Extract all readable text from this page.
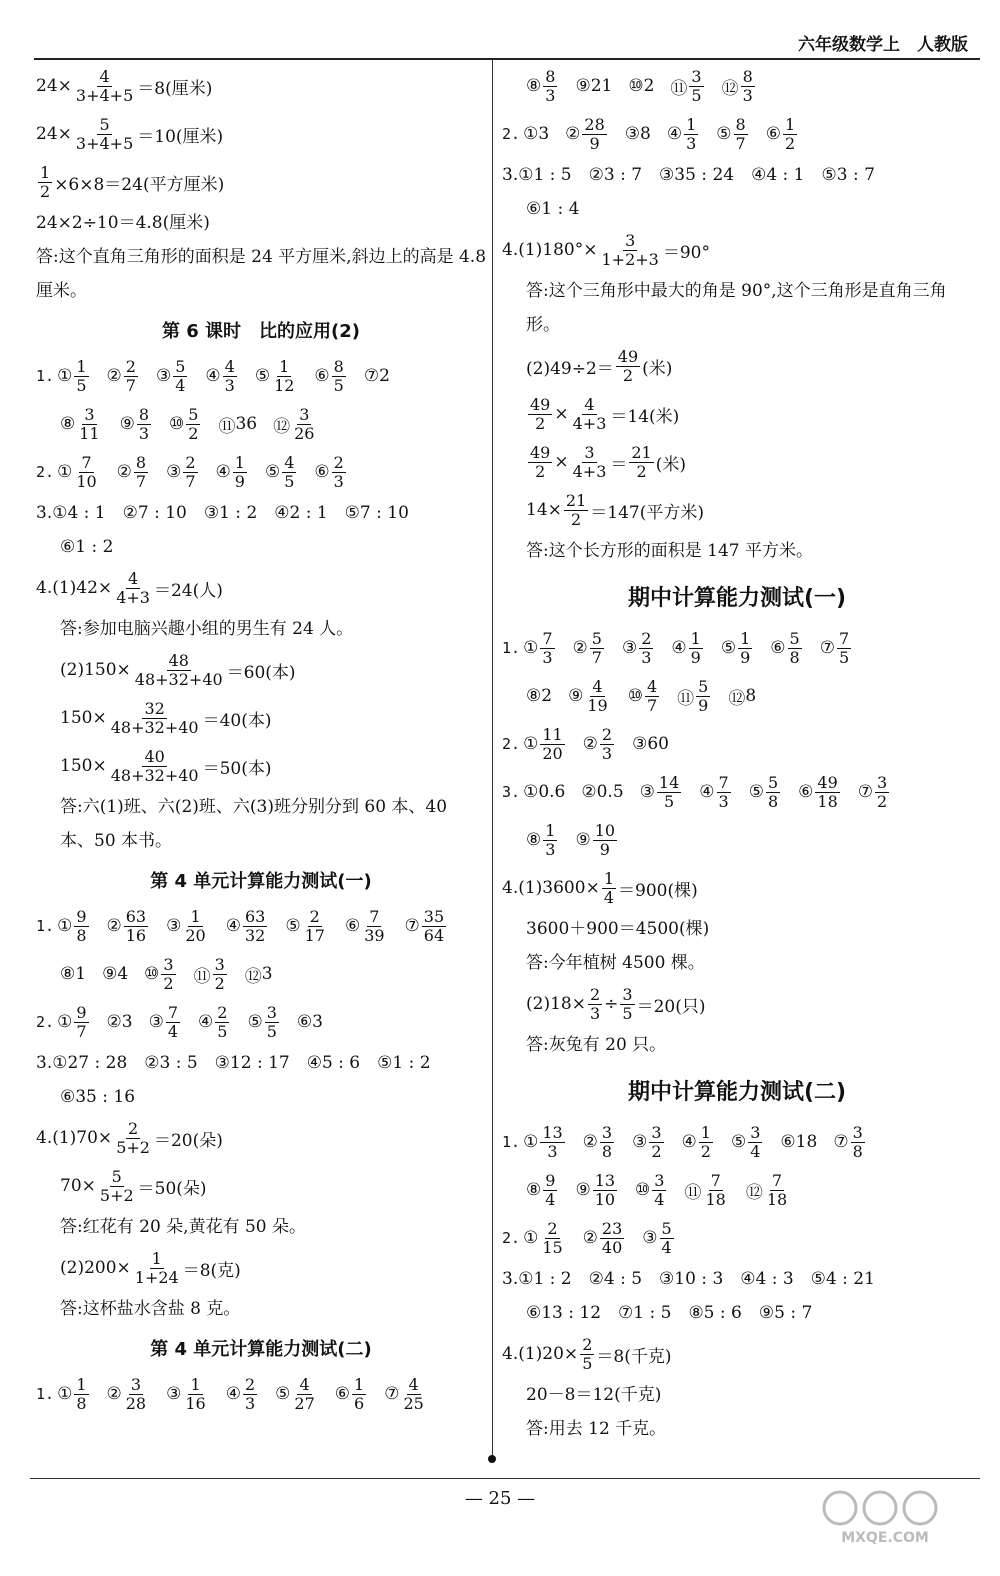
六年级数学上　人教版
$24\times \frac{4}{3+4+5} =8$(厘米)
$24\times \frac{5}{3+4+5} =10$(厘米)
$\frac{1}{2} \times 6\times 8=24$(平方厘米)
24×2÷10＝4.8(厘米)
答:这个直角三角形的面积是 24 平方厘米,斜边上的高是 4.8 厘米。
第 6 课时　比的应用(2)
1. ① $\frac{1}{5}$ ② $\frac{2}{7}$ ③ $\frac{5}{4}$ ④ $\frac{4}{3}$ ⑤ $\frac{1}{12}$ ⑥ $\frac{8}{5}$ ⑦ 2
⑧ $\frac{3}{11}$ ⑨ $\frac{8}{3}$ ⑩ $\frac{5}{2}$ ⑪ 36 ⑫ $\frac{3}{26}$
2. ① $\frac{7}{10}$ ② $\frac{8}{7}$ ③ $\frac{2}{7}$ ④ $\frac{1}{9}$ ⑤ $\frac{4}{5}$ ⑥ $\frac{2}{3}$
3.①4 : 1　②7 : 10　③1 : 2　④2 : 1　⑤7 : 10
⑥1 : 2
$4.(1)42\times \frac{4}{4+3} =24$(人)
答:参加电脑兴趣小组的男生有 24 人。
$(2)150\times \frac{48}{48+32+40} =60$(本)
$150\times \frac{32}{48+32+40} =40$(本)
$150\times \frac{40}{48+32+40} =50$(本)
答:六(1)班、六(2)班、六(3)班分别分到 60 本、40 本、50 本书。
第 4 单元计算能力测试(一)
1. ① $\frac{9}{8}$ ② $\frac{63}{16}$ ③ $\frac{1}{20}$ ④ $\frac{63}{32}$ ⑤ $\frac{2}{17}$ ⑥ $\frac{7}{39}$ ⑦ $\frac{35}{64}$
⑧ 1 ⑨ 4 ⑩ $\frac{3}{2}$ ⑪ $\frac{3}{2}$ ⑫ 3
2. ① $\frac{9}{7}$ ② 3 ③ $\frac{7}{4}$ ④ $\frac{2}{5}$ ⑤ $\frac{3}{5}$ ⑥ 3
3.①27 : 28　②3 : 5　③12 : 17　④5 : 6　⑤1 : 2
⑥35 : 16
$4.(1)70\times \frac{2}{5+2} =20$(朵)
$70\times \frac{5}{5+2} =50$(朵)
答:红花有 20 朵,黄花有 50 朵。
$(2)200\times \frac{1}{1+24} =8$(克)
答:这杯盐水含盐 8 克。
第 4 单元计算能力测试(二)
1. ① $\frac{1}{8}$ ② $\frac{3}{28}$ ③ $\frac{1}{16}$ ④ $\frac{2}{3}$ ⑤ $\frac{4}{27}$ ⑥ $\frac{1}{6}$ ⑦ $\frac{4}{25}$
⑧ $\frac{8}{3}$ ⑨ 21 ⑩ 2 ⑪ $\frac{3}{5}$ ⑫ $\frac{8}{3}$
2. ① 3 ② $\frac{28}{9}$ ③ 8 ④ $\frac{1}{3}$ ⑤ $\frac{8}{7}$ ⑥ $\frac{1}{2}$
3.①1 : 5　②3 : 7　③35 : 24　④4 : 1　⑤3 : 7
⑥1 : 4
$4.(1)180^\circ\times \frac{3}{1+2+3} =90^\circ$
答:这个三角形中最大的角是 90°,这个三角形是直角三角形。
$(2)49\div 2= \frac{49}{2}$ (米)
$\frac{49}{2} \times \frac{4}{4+3} =14$(米)
$\frac{49}{2} \times \frac{3}{4+3} = \frac{21}{2}$ (米)
$14\times \frac{21}{2} =147$(平方米)
答:这个长方形的面积是 147 平方米。
期中计算能力测试(一)
1. ① $\frac{7}{3}$ ② $\frac{5}{7}$ ③ $\frac{2}{3}$ ④ $\frac{1}{9}$ ⑤ $\frac{1}{9}$ ⑥ $\frac{5}{8}$ ⑦ $\frac{7}{5}$
⑧ 2 ⑨ $\frac{4}{19}$ ⑩ $\frac{4}{7}$ ⑪ $\frac{5}{9}$ ⑫ 8
2. ① $\frac{11}{20}$ ② $\frac{2}{3}$ ③ 60
3. ① 0.6 ② 0.5 ③ $\frac{14}{5}$ ④ $\frac{7}{3}$ ⑤ $\frac{5}{8}$ ⑥ $\frac{49}{18}$ ⑦ $\frac{3}{2}$
⑧ $\frac{1}{3}$ ⑨ $\frac{10}{9}$
$4.(1)3600\times \frac{1}{4} =900$(棵)
3600＋900＝4500(棵)
答:今年植树 4500 棵。
$(2)18\times \frac{2}{3} \div \frac{3}{5} =20$(只)
答:灰兔有 20 只。
期中计算能力测试(二)
1. ① $\frac{13}{3}$ ② $\frac{3}{8}$ ③ $\frac{3}{2}$ ④ $\frac{1}{2}$ ⑤ $\frac{3}{4}$ ⑥ 18 ⑦ $\frac{3}{8}$
⑧ $\frac{9}{4}$ ⑨ $\frac{13}{10}$ ⑩ $\frac{3}{4}$ ⑪ $\frac{7}{18}$ ⑫ $\frac{7}{18}$
2. ① $\frac{2}{15}$ ② $\frac{23}{40}$ ③ $\frac{5}{4}$
3.①1 : 2　②4 : 5　③10 : 3　④4 : 3　⑤4 : 21
⑥13 : 12　⑦1 : 5　⑧5 : 6　⑨5 : 7
$4.(1)20\times \frac{2}{5} =8$(千克)
20－8＝12(千克)
答:用去 12 千克。
— 25 —
MXQE.COM
